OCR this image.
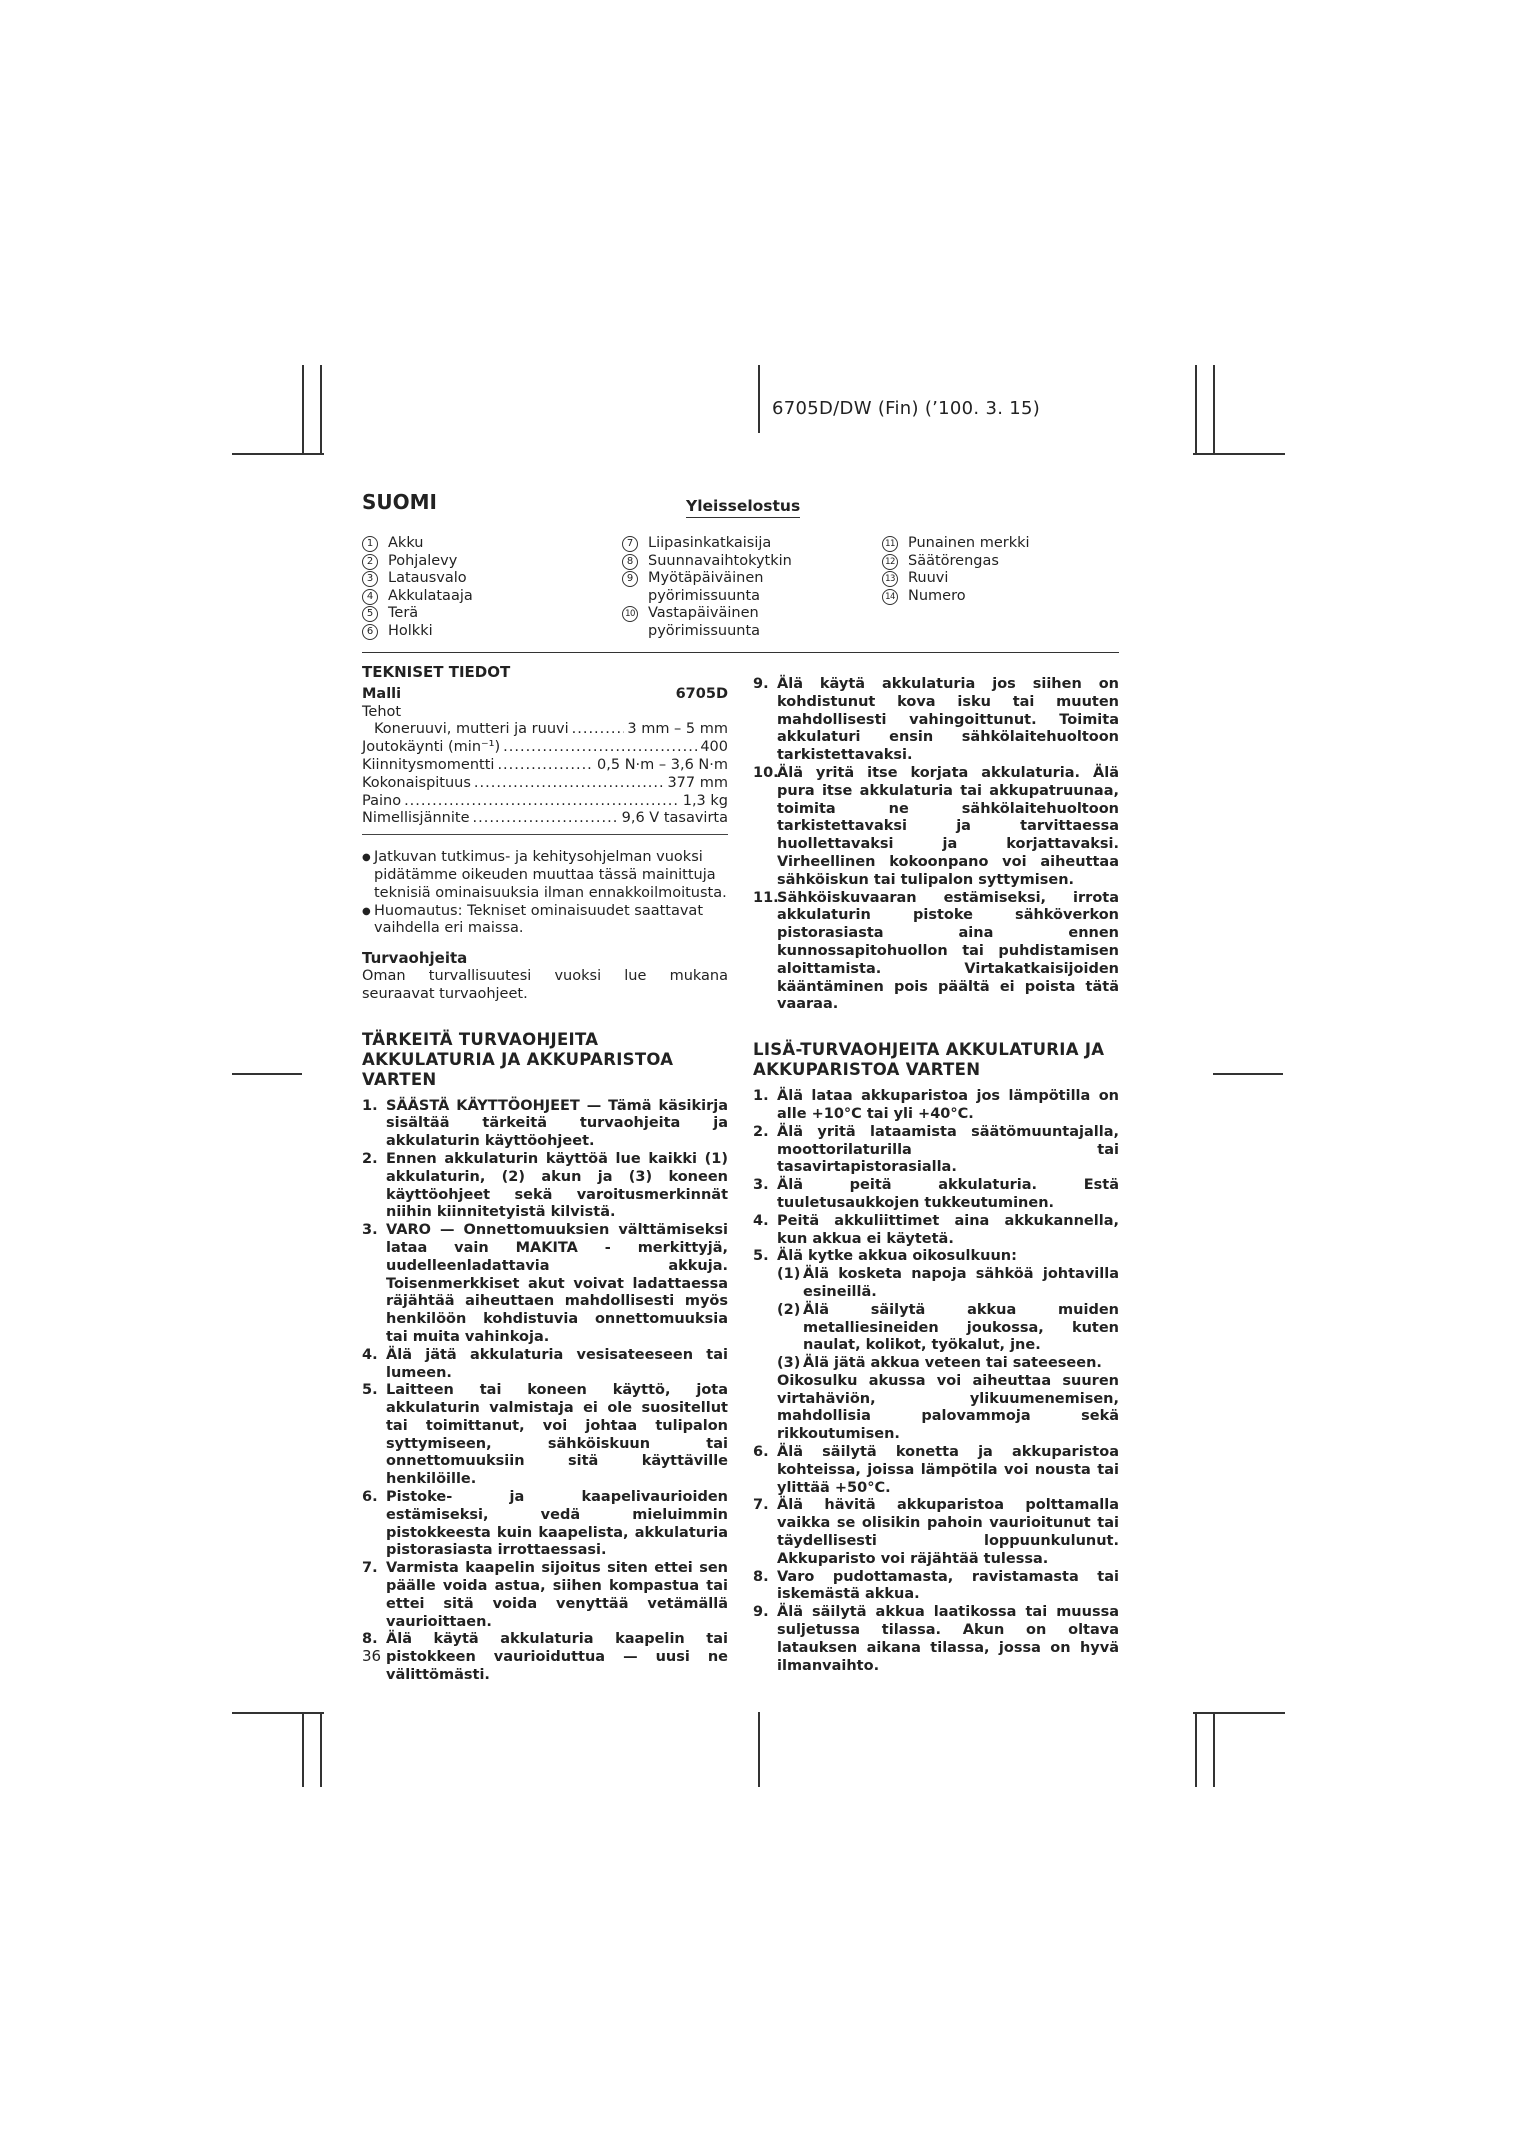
6705D/DW (Fin) (’100. 3. 15)
SUOMI	Yleisselostus
1	Akku
2	Pohjalevy
3	Latausvalo
4	Akkulataaja
5	Terä
6	Holkki
7	Liipasinkatkaisija
8	Suunnavaihtokytkin
9	Myötäpäiväinen pyörimissuunta
10 Vastapäiväinen pyörimissuunta
11 Punainen merkki
12 Säätörengas
13 Ruuvi
14 Numero
TEKNISET TIEDOT
Malli	6705D
Tehot
Koneruuvi, mutteri ja ruuvi .....	3 mm – 5 mm
Joutokäynti (min⁻¹) .....	400
Kiinnitysmomentti .....	0,5 N·m – 3,6 N·m
Kokonaispituus .....	377 mm
Paino .....	1,3 kg
Nimellisjännite .....	9,6 V tasavirta
● Jatkuvan tutkimus- ja kehitysohjelman vuoksi pidätämme oikeuden muuttaa tässä mainittuja teknisiä ominaisuuksia ilman ennakkoilmoitusta.
● Huomautus: Tekniset ominaisuudet saattavat vaihdella eri maissa.
Turvaohjeita
Oman turvallisuutesi vuoksi lue mukana seuraavat turvaohjeet.
TÄRKEITÄ TURVAOHJEITA AKKULATURIA JA AKKUPARISTOA VARTEN
1. SÄÄSTÄ KÄYTTÖOHJEET — Tämä käsikirja sisältää tärkeitä turvaohjeita ja akkulaturin käyttöohjeet.
2. Ennen akkulaturin käyttöä lue kaikki (1) akkulaturin, (2) akun ja (3) koneen käyttöohjeet sekä varoitusmerkinnät niihin kiinnitetyistä kilvistä.
3. VARO — Onnettomuuksien välttämiseksi lataa vain MAKITA - merkittyjä, uudelleenladattavia akkuja. Toisenmerkkiset akut voivat ladattaessa räjähtää aiheuttaen mahdollisesti myös henkilöön kohdistuvia onnettomuuksia tai muita vahinkoja.
4. Älä jätä akkulaturia vesisateeseen tai lumeen.
5. Laitteen tai koneen käyttö, jota akkulaturin valmistaja ei ole suositellut tai toimittanut, voi johtaa tulipalon syttymiseen, sähköiskuun tai onnettomuuksiin sitä käyttäville henkilöille.
6. Pistoke- ja kaapelivaurioiden estämiseksi, vedä mieluimmin pistokkeesta kuin kaapelista, akkulaturia pistorasiasta irrottaessasi.
7. Varmista kaapelin sijoitus siten ettei sen päälle voida astua, siihen kompastua tai ettei sitä voida venyttää vetämällä vaurioittaen.
8. Älä käytä akkulaturia kaapelin tai pistokkeen vaurioiduttua — uusi ne välittömästi.
9. Älä käytä akkulaturia jos siihen on kohdistunut kova isku tai muuten mahdollisesti vahingoittunut. Toimita akkulaturi ensin sähkölaitehuoltoon tarkistettavaksi.
10.
Älä yritä itse korjata akkulaturia. Älä pura itse akkulaturia tai akkupatruunaa, toimita ne sähkölaitehuoltoon tarkistettavaksi ja tarvittaessa huollettavaksi ja korjattavaksi. Virheellinen kokoonpano voi aiheuttaa sähköiskun tai tulipalon syttymisen.
11.
Sähköiskuvaaran estämiseksi, irrota akkulaturin pistoke sähköverkon pistorasiasta aina ennen kunnossapitohuollon tai puhdistamisen aloittamista. Virtakatkaisijoiden kääntäminen pois päältä ei poista tätä vaaraa.
LISÄ-TURVAOHJEITA AKKULATURIA JA AKKUPARISTOA VARTEN
1. Älä lataa akkuparistoa jos lämpötilla on alle +10°C tai yli +40°C.
2. Älä yritä lataamista säätömuuntajalla, moottorilaturilla tai tasavirtapistorasialla.
3. Älä peitä akkulaturia. Estä tuuletusaukkojen tukkeutuminen.
4. Peitä akkuliittimet aina akkukannella, kun akkua ei käytetä.
5. Älä kytke akkua oikosulkuun:
(1) Älä kosketa napoja sähköä johtavilla esineillä.
(2) Älä säilytä akkua muiden metalliesineiden joukossa, kuten naulat, kolikot, työkalut, jne.
(3) Älä jätä akkua veteen tai sateeseen.
Oikosulku akussa voi aiheuttaa suuren virtahäviön, ylikuumenemisen, mahdollisia palovammoja sekä rikkoutumisen.
6. Älä säilytä konetta ja akkuparistoa kohteissa, joissa lämpötila voi nousta tai ylittää +50°C.
7. Älä hävitä akkuparistoa polttamalla vaikka se olisikin pahoin vaurioitunut tai täydellisesti loppuunkulunut. Akkuparisto voi räjähtää tulessa.
8. Varo pudottamasta, ravistamasta tai iskemästä akkua.
9. Älä säilytä akkua laatikossa tai muussa suljetussa tilassa. Akun on oltava latauksen aikana tilassa, jossa on hyvä ilmanvaihto.
36
